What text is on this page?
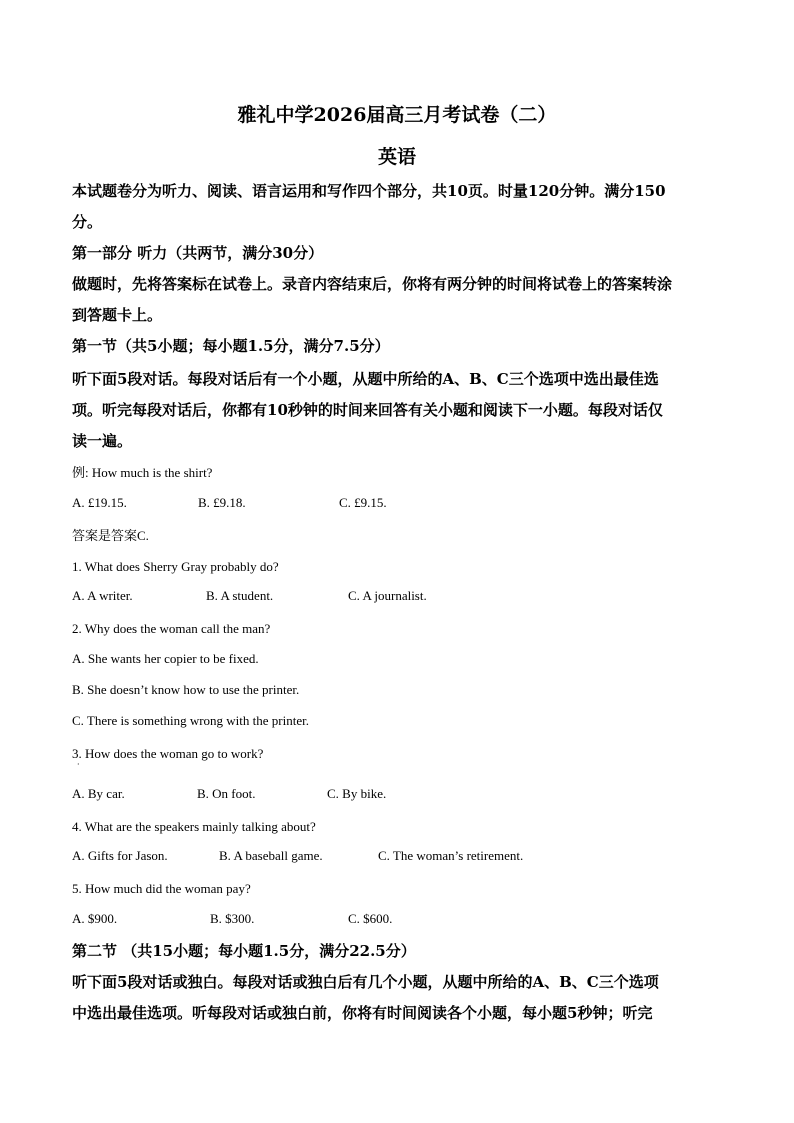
雅礼中学2026届高三月考试卷（二）
英语
本试题卷分为听力、阅读、语言运用和写作四个部分，共10页。时量120分钟。满分150
分。
第一部分 听力（共两节，满分30分）
做题时，先将答案标在试卷上。录音内容结束后，你将有两分钟的时间将试卷上的答案转涂
到答题卡上。
第一节（共5小题；每小题1.5分，满分7.5分）
听下面5段对话。每段对话后有一个小题，从题中所给的A、B、C三个选项中选出最佳选
项。听完每段对话后，你都有10秒钟的时间来回答有关小题和阅读下一小题。每段对话仅
读一遍。
例: How much is the shirt?
A. £19.15.	B. £9.18.	C. £9.15.
答案是答案C.
1. What does Sherry Gray probably do?
A. A writer.	B. A student.	C. A journalist.
2. Why does the woman call the man?
A. She wants her copier to be fixed.
B. She doesn’t know how to use the printer.
C. There is something wrong with the printer.
3. How does the woman go to work?
·
A. By car.	B. On foot.	C. By bike.
4. What are the speakers mainly talking about?
A. Gifts for Jason.	B. A baseball game.	C. The woman’s retirement.
5. How much did the woman pay?
A. $900.	B. $300.	C. $600.
第二节 （共15小题；每小题1.5分，满分22.5分）
听下面5段对话或独白。每段对话或独白后有几个小题，从题中所给的A、B、C三个选项
中选出最佳选项。听每段对话或独白前，你将有时间阅读各个小题，每小题5秒钟；听完
